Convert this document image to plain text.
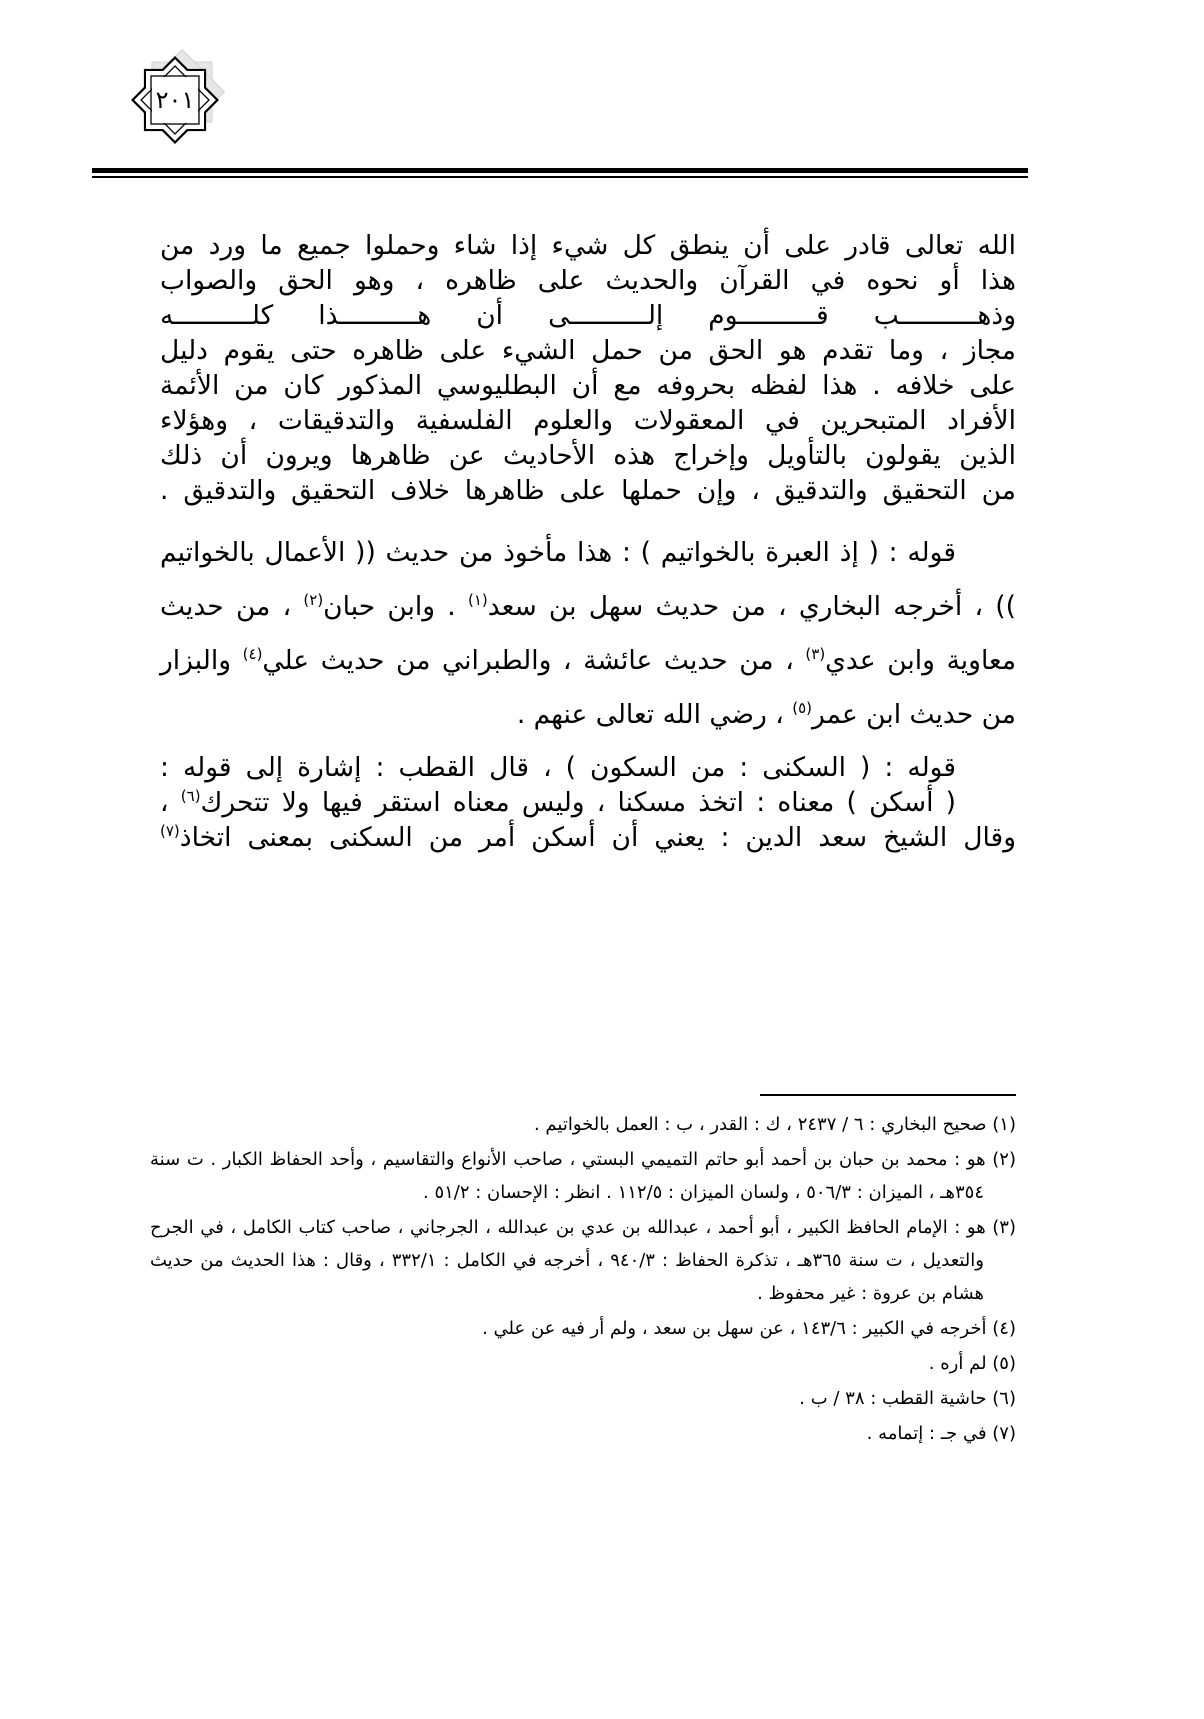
٢٠١

الله تعالى قادر على أن ينطق كل شيء إذا شاء وحملوا جميع ما ورد من
هذا أو نحوه في القرآن والحديث على ظاهره ، وهو الحق والصواب
وذهــــــــــب قــــــــــوم إلــــــــــى أن هــــــــــذا كلــــــــــه
مجاز ، وما تقدم هو الحق من حمل الشيء على ظاهره حتى يقوم دليل
على خلافه . هذا لفظه بحروفه مع أن البطليوسي المذكور كان من الأئمة
الأفراد المتبحرين في المعقولات والعلوم الفلسفية والتدقيقات ، وهؤلاء
الذين يقولون بالتأويل وإخراج هذه الأحاديث عن ظاهرها ويرون أن ذلك
من التحقيق والتدقيق ، وإن حملها على ظاهرها خلاف التحقيق والتدقيق .

قوله : ( إذ العبرة بالخواتيم ) : هذا مأخوذ من حديث (( الأعمال بالخواتيم )) ، أخرجه البخاري ، من حديث سهل بن سعد$^{(١)}$ . وابن حبان$^{(٢)}$ ، من حديث معاوية وابن عدي$^{(٣)}$ ، من حديث عائشة ، والطبراني من حديث علي$^{(٤)}$ والبزار من حديث ابن عمر$^{(٥)}$ ، رضي الله تعالى عنهم .

قوله : ( السكنى : من السكون ) ، قال القطب : إشارة إلى قوله :
( أسكن ) معناه : اتخذ مسكنا ، وليس معناه استقر فيها ولا تتحرك$^{(٦)}$ ،
وقال الشيخ سعد الدين : يعني أن أسكن أمر من السكنى بمعنى اتخاذ$^{(٧)}$

(١) صحيح البخاري : ٦ / ٢٤٣٧ ، ك : القدر ، ب : العمل بالخواتيم .

(٢) هو : محمد بن حبان بن أحمد أبو حاتم التميمي البستي ، صاحب الأنواع والتقاسيم ، وأحد الحفاظ الكبار . ت سنة ٣٥٤هـ ، الميزان : ٥٠٦/٣ ، ولسان الميزان : ١١٢/٥ . انظر : الإحسان : ٥١/٢ .

(٣) هو : الإمام الحافظ الكبير ، أبو أحمد ، عبدالله بن عدي بن عبدالله ، الجرجاني ، صاحب كتاب الكامل ، في الجرح والتعديل ، ت سنة ٣٦٥هـ ، تذكرة الحفاظ : ٩٤٠/٣ ، أخرجه في الكامل : ٣٣٢/١ ، وقال : هذا الحديث من حديث هشام بن عروة : غير محفوظ .

(٤) أخرجه في الكبير : ١٤٣/٦ ، عن سهل بن سعد ، ولم أر فيه عن علي .

(٥) لم أره .

(٦) حاشية القطب : ٣٨ / ب .

(٧) في جـ : إتمامه .
